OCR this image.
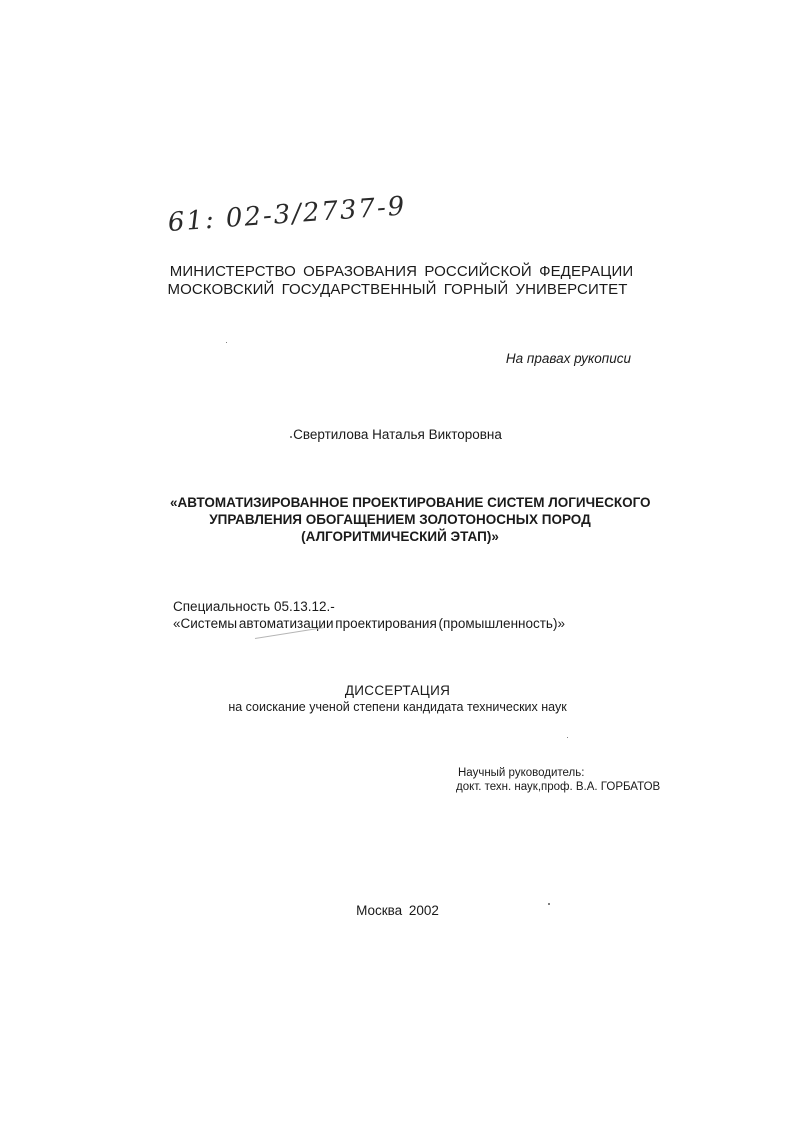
61: 02-3/2737-9
МИНИСТЕРСТВО ОБРАЗОВАНИЯ РОССИЙСКОЙ ФЕДЕРАЦИИ
МОСКОВСКИЙ ГОСУДАРСТВЕННЫЙ ГОРНЫЙ УНИВЕРСИТЕТ
На правах рукописи
Свертилова Наталья Викторовна
«АВТОМАТИЗИРОВАННОЕ ПРОЕКТИРОВАНИЕ СИСТЕМ ЛОГИЧЕСКОГО
УПРАВЛЕНИЯ ОБОГАЩЕНИЕМ ЗОЛОТОНОСНЫХ ПОРОД
(АЛГОРИТМИЧЕСКИЙ ЭТАП)»
Специальность 05.13.12.-
«Системы автоматизации проектирования (промышленность)»
ДИССЕРТАЦИЯ
на соискание ученой степени кандидата технических наук
Научный руководитель:
докт. техн. наук,проф. В.А. ГОРБАТОВ
Москва 2002
